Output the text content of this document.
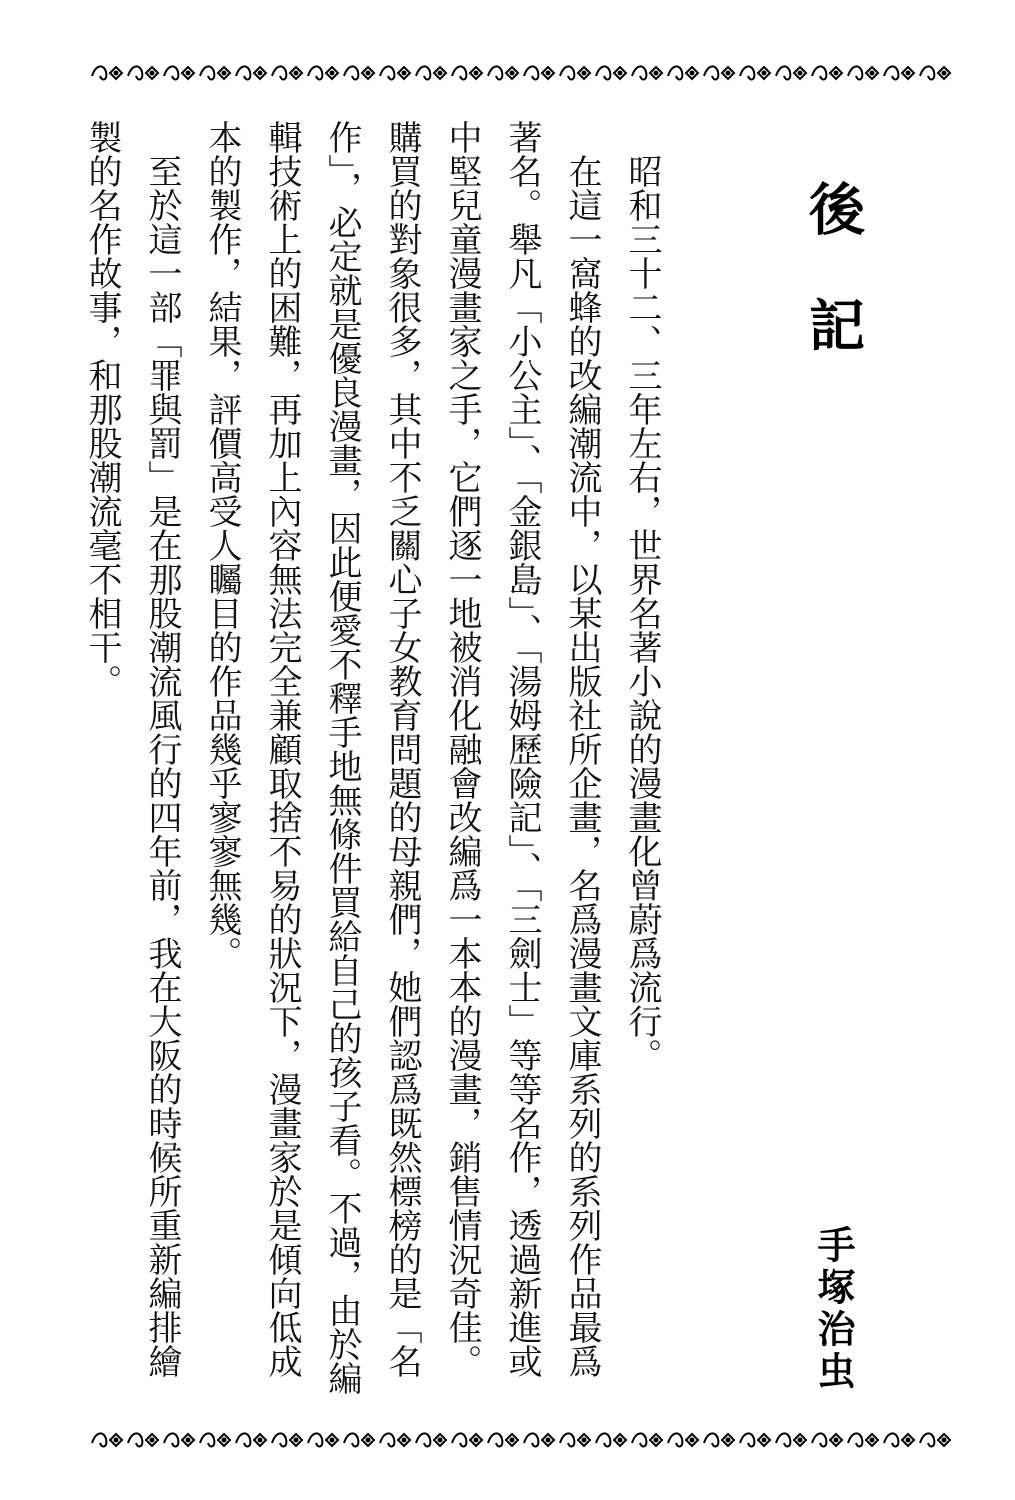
後記

昭和三十二、三年左右，世界名著小說的漫畫化曾蔚爲流行。

在這一窩蜂的改編潮流中，以某出版社所企畫，名爲漫畫文庫系列的系列作品最爲著名。舉凡「小公主」、「金銀島」、「湯姆歷險記」、「三劍士」等等名作，透過新進或中堅兒童漫畫家之手，它們逐一地被消化融會改編爲一本本的漫畫，銷售情況奇佳。購買的對象很多，其中不乏關心子女教育問題的母親們，她們認爲既然標榜的是「名作」，必定就是優良漫畫，因此便愛不釋手地無條件買給自己的孩子看。不過，由於編輯技術上的困難，再加上內容無法完全兼顧取捨不易的狀況下，漫畫家於是傾向低成本的製作，結果，評價高受人矚目的作品幾乎寥寥無幾。

至於這一部「罪與罰」是在那股潮流風行的四年前，我在大阪的時候所重新編排繪製的名作故事，和那股潮流毫不相干。

手塚治虫
